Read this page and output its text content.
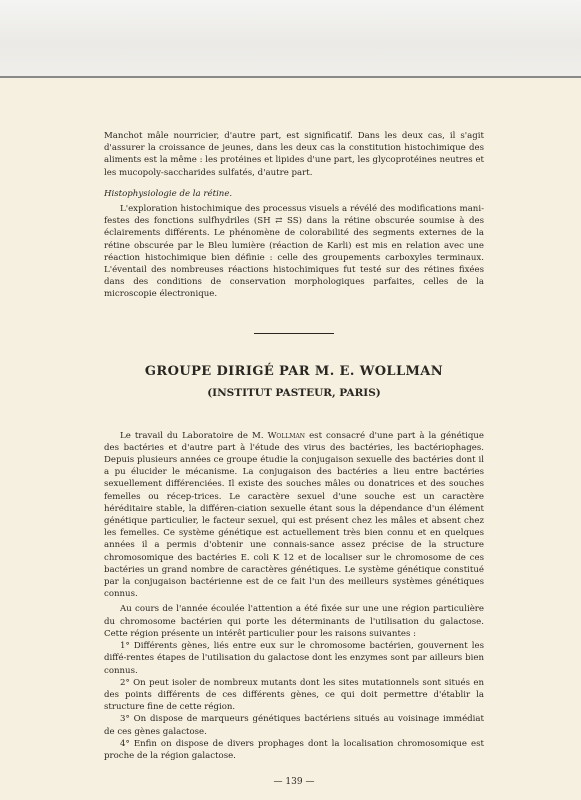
Manchot mâle nourricier, d'autre part, est significatif. Dans les deux cas, il s'agit d'assurer la croissance de jeunes, dans les deux cas la constitution histochimique des aliments est la même : les protéines et lipides d'une part, les glycoprotéines neutres et les mucopoly-saccharides sulfatés, d'autre part.

Histophysiologie de la rétine.

L'exploration histochimique des processus visuels a révélé des modifications mani-festes des fonctions sulfhydriles (SH ⇄ SS) dans la rétine obscurée soumise à des éclairements différents. Le phénomène de colorabilité des segments externes de la rétine obscurée par le Bleu lumière (réaction de Karli) est mis en relation avec une réaction histochimique bien définie : celle des groupements carboxyles terminaux. L'éventail des nombreuses réactions histochimiques fut testé sur des rétines fixées dans des conditions de conservation morphologiques parfaites, celles de la microscopie électronique.

GROUPE DIRIGÉ PAR M. E. WOLLMAN
(INSTITUT PASTEUR, PARIS)

Le travail du Laboratoire de M. Wollman est consacré d'une part à la génétique des bactéries et d'autre part à l'étude des virus des bactéries, les bactériophages. Depuis plusieurs années ce groupe étudie la conjugaison sexuelle des bactéries dont il a pu élucider le mécanisme. La conjugaison des bactéries a lieu entre bactéries sexuellement différenciées. Il existe des souches mâles ou donatrices et des souches femelles ou récep-trices. Le caractère sexuel d'une souche est un caractère héréditaire stable, la différen-ciation sexuelle étant sous la dépendance d'un élément génétique particulier, le facteur sexuel, qui est présent chez les mâles et absent chez les femelles. Ce système génétique est actuellement très bien connu et en quelques années il a permis d'obtenir une connais-sance assez précise de la structure chromosomique des bactéries E. coli K 12 et de localiser sur le chromosome de ces bactéries un grand nombre de caractères génétiques. Le système génétique constitué par la conjugaison bactérienne est de ce fait l'un des meilleurs systèmes génétiques connus.

Au cours de l'année écoulée l'attention a été fixée sur une une région particulière du chromosome bactérien qui porte les déterminants de l'utilisation du galactose. Cette région présente un intérêt particulier pour les raisons suivantes :

1° Différents gènes, liés entre eux sur le chromosome bactérien, gouvernent les diffé-rentes étapes de l'utilisation du galactose dont les enzymes sont par ailleurs bien connus.

2° On peut isoler de nombreux mutants dont les sites mutationnels sont situés en des points différents de ces différents gènes, ce qui doit permettre d'établir la structure fine de cette région.

3° On dispose de marqueurs génétiques bactériens situés au voisinage immédiat de ces gènes galactose.

4° Enfin on dispose de divers prophages dont la localisation chromosomique est proche de la région galactose.

— 139 —
